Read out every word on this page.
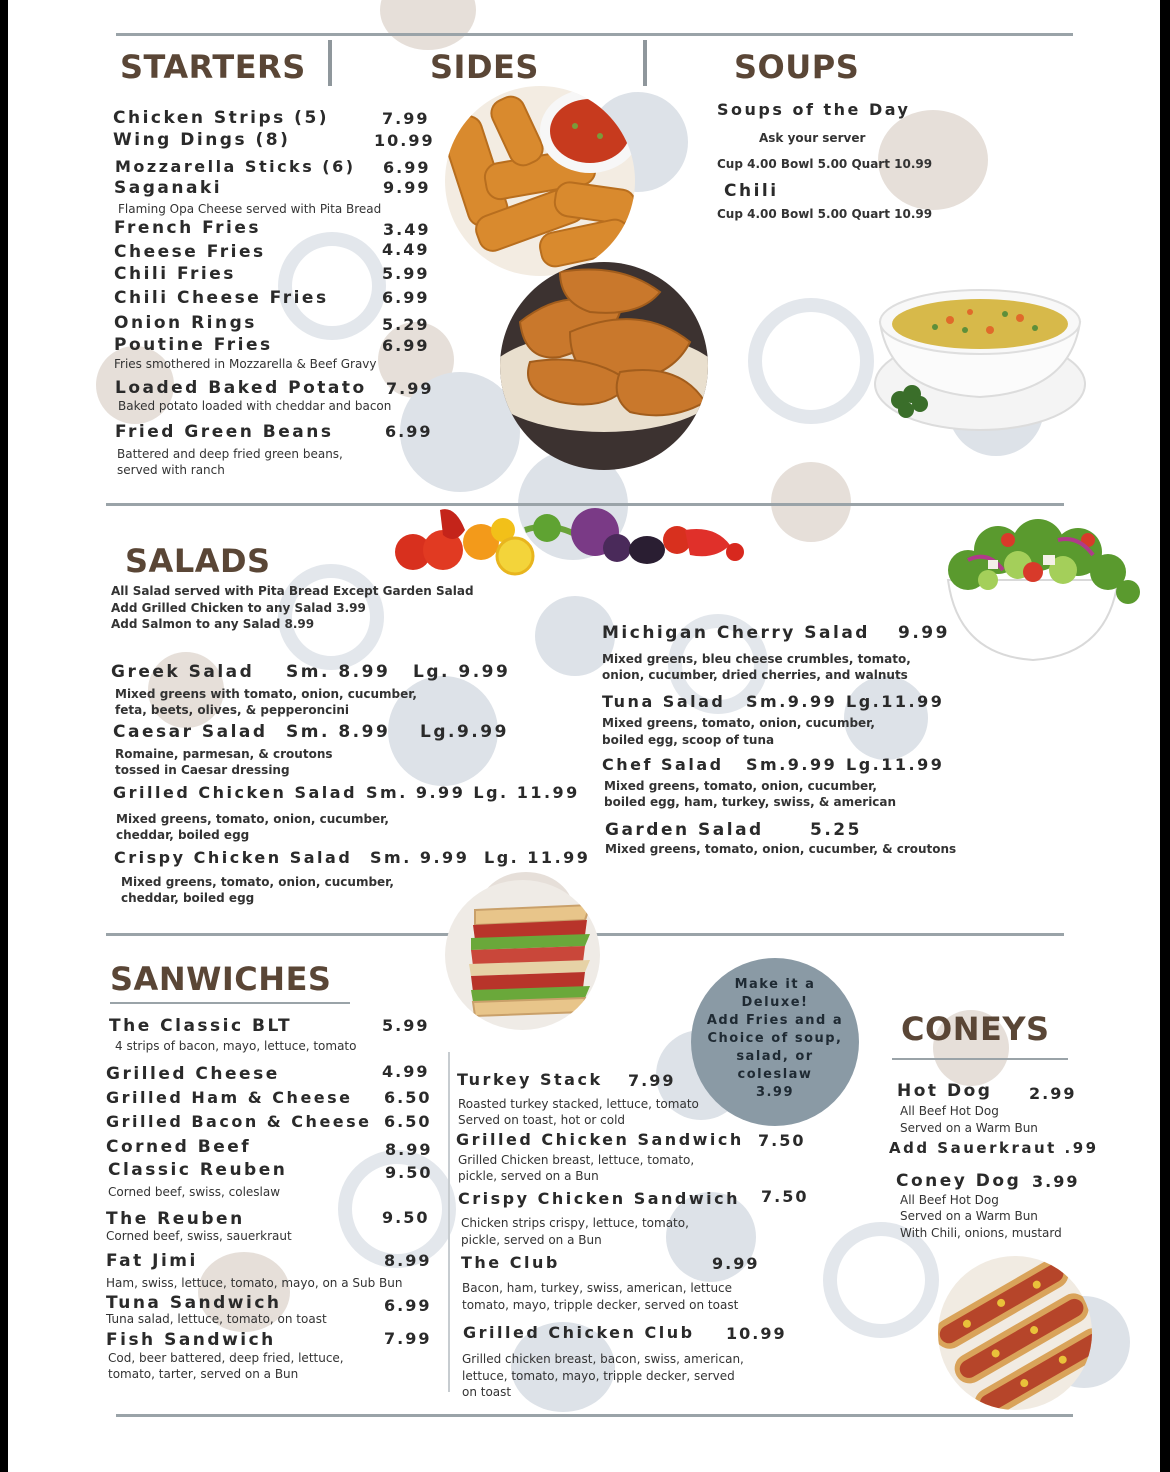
STARTERS	SIDES	SOUPS
SALADS
SANWICHES
CONEYS
Chicken Strips (5)	7.99
Wing Dings (8)	10.99
Mozzarella Sticks (6) 6.99
Saganaki	9.99
Flaming Opa Cheese served with Pita Bread
French Fries	3.49
Cheese Fries	4.49
Chili Fries	5.99
Chili Cheese Fries	6.99
Onion Rings	5.29
Poutine Fries	6.99
Fries smothered in Mozzarella & Beef Gravy
Loaded Baked Potato 7.99
Baked potato loaded with cheddar and bacon
Fried Green Beans	6.99
Battered and deep fried green beans,
served with ranch
Soups of the Day
Ask your server
Cup 4.00 Bowl 5.00 Quart 10.99
Chili
Cup 4.00 Bowl 5.00 Quart 10.99
All Salad served with Pita Bread Except Garden Salad
Add Grilled Chicken to any Salad 3.99
Add Salmon to any Salad 8.99
Greek Salad Sm. 8.99 Lg. 9.99
Mixed greens with tomato, onion, cucumber,
feta, beets, olives, & pepperoncini
Caesar Salad Sm. 8.99 Lg.9.99
Romaine, parmesan, & croutons
tossed in Caesar dressing
Grilled Chicken Salad Sm. 9.99 Lg. 11.99
Mixed greens, tomato, onion, cucumber,
cheddar, boiled egg
Crispy Chicken Salad Sm. 9.99 Lg. 11.99
Mixed greens, tomato, onion, cucumber,
cheddar, boiled egg
Michigan Cherry Salad 9.99
Mixed greens, bleu cheese crumbles, tomato,
onion, cucumber, dried cherries, and walnuts
Tuna Salad Sm.9.99 Lg.11.99
Mixed greens, tomato, onion, cucumber,
boiled egg, scoop of tuna
Chef Salad Sm.9.99 Lg.11.99
Mixed greens, tomato, onion, cucumber,
boiled egg, ham, turkey, swiss, & american
Garden Salad	5.25
Mixed greens, tomato, onion, cucumber, & croutons
The Classic BLT	5.99
4 strips of bacon, mayo, lettuce, tomato
Grilled Cheese	4.99
Grilled Ham & Cheese 6.50
Grilled Bacon & Cheese 6.50
Corned Beef	8.99
Classic Reuben	9.50
Corned beef, swiss, coleslaw
The Reuben	9.50
Corned beef, swiss, sauerkraut
Fat Jimi	8.99
Ham, swiss, lettuce, tomato, mayo, on a Sub Bun
Tuna Sandwich	6.99
Tuna salad, lettuce, tomato, on toast
Fish Sandwich	7.99
Cod, beer battered, deep fried, lettuce,
tomato, tarter, served on a Bun
Turkey Stack 7.99
Roasted turkey stacked, lettuce, tomato
Served on toast, hot or cold
Grilled Chicken Sandwich 7.50
Grilled Chicken breast, lettuce, tomato,
pickle, served on a Bun
Crispy Chicken Sandwich 7.50
Chicken strips crispy, lettuce, tomato,
pickle, served on a Bun
The Club	9.99
Bacon, ham, turkey, swiss, american, lettuce
tomato, mayo, tripple decker, served on toast
Grilled Chicken Club 10.99
Grilled chicken breast, bacon, swiss, american,
lettuce, tomato, mayo, tripple decker, served
on toast
Make it a
Deluxe!
Add Fries and a
Choice of soup,
salad, or
coleslaw
3.99	Hot Dog 2.99
All Beef Hot Dog
Served on a Warm Bun
Add Sauerkraut .99
Coney Dog 3.99
All Beef Hot Dog
Served on a Warm Bun
With Chili, onions, mustard
